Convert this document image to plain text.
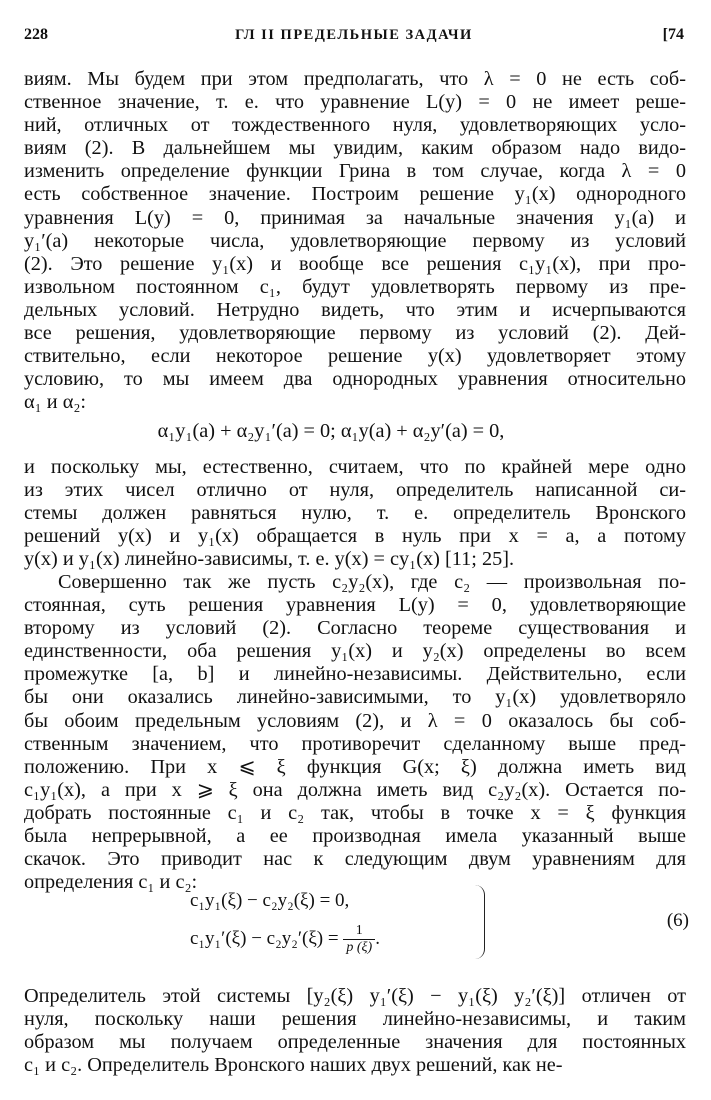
228	ГЛ II ПРЕДЕЛЬНЫЕ ЗАДАЧИ	[74
виям. Мы будем при этом предполагать, что λ = 0 не есть соб-
ственное значение, т. е. что уравнение L(y) = 0 не имеет реше-
ний, отличных от тождественного нуля, удовлетворяющих усло-
виям (2). В дальнейшем мы увидим, каким образом надо видо-
изменить определение функции Грина в том случае, когда λ = 0
есть собственное значение. Построим решение y₁(x) однородного
уравнения L(y) = 0, принимая за начальные значения y₁(a) и
y₁′(a) некоторые числа, удовлетворяющие первому из условий
(2). Это решение y₁(x) и вообще все решения c₁y₁(x), при про-
извольном постоянном c₁, будут удовлетворять первому из пре-
дельных условий. Нетрудно видеть, что этим и исчерпываются
все решения, удовлетворяющие первому из условий (2). Дей-
ствительно, если некоторое решение y(x) удовлетворяет этому
условию, то мы имеем два однородных уравнения относительно
α₁ и α₂:
α₁y₁(a) + α₂y₁′(a) = 0; α₁y(a) + α₂y′(a) = 0,
и поскольку мы, естественно, считаем, что по крайней мере одно
из этих чисел отлично от нуля, определитель написанной си-
стемы должен равняться нулю, т. е. определитель Вронского
решений y(x) и y₁(x) обращается в нуль при x = a, а потому
y(x) и y₁(x) линейно-зависимы, т. е. y(x) = cy₁(x) [11; 25].
Совершенно так же пусть c₂y₂(x), где c₂ — произвольная по-
стоянная, суть решения уравнения L(y) = 0, удовлетворяющие
второму из условий (2). Согласно теореме существования и
единственности, оба решения y₁(x) и y₂(x) определены во всем
промежутке [a, b] и линейно-независимы. Действительно, если
бы они оказались линейно-зависимыми, то y₁(x) удовлетворяло
бы обоим предельным условиям (2), и λ = 0 оказалось бы соб-
ственным значением, что противоречит сделанному выше пред-
положению. При x ⩽ ξ функция G(x; ξ) должна иметь вид
c₁y₁(x), а при x ⩾ ξ она должна иметь вид c₂y₂(x). Остается по-
добрать постоянные c₁ и c₂ так, чтобы в точке x = ξ функция
была непрерывной, а ее производная имела указанный выше
скачок. Это приводит нас к следующим двум уравнениям для
определения c₁ и c₂:
c₁y₁(ξ) − c₂y₂(ξ) = 0,
$c_1y_1'(\xi) - c_2y_2'(\xi) = \frac{1}{p (\xi)}$ .
(6)
Определитель этой системы [y₂(ξ) y₁′(ξ) − y₁(ξ) y₂′(ξ)] отличен от
нуля, поскольку наши решения линейно-независимы, и таким
образом мы получаем определенные значения для постоянных
c₁ и c₂. Определитель Вронского наших двух решений, как не-
